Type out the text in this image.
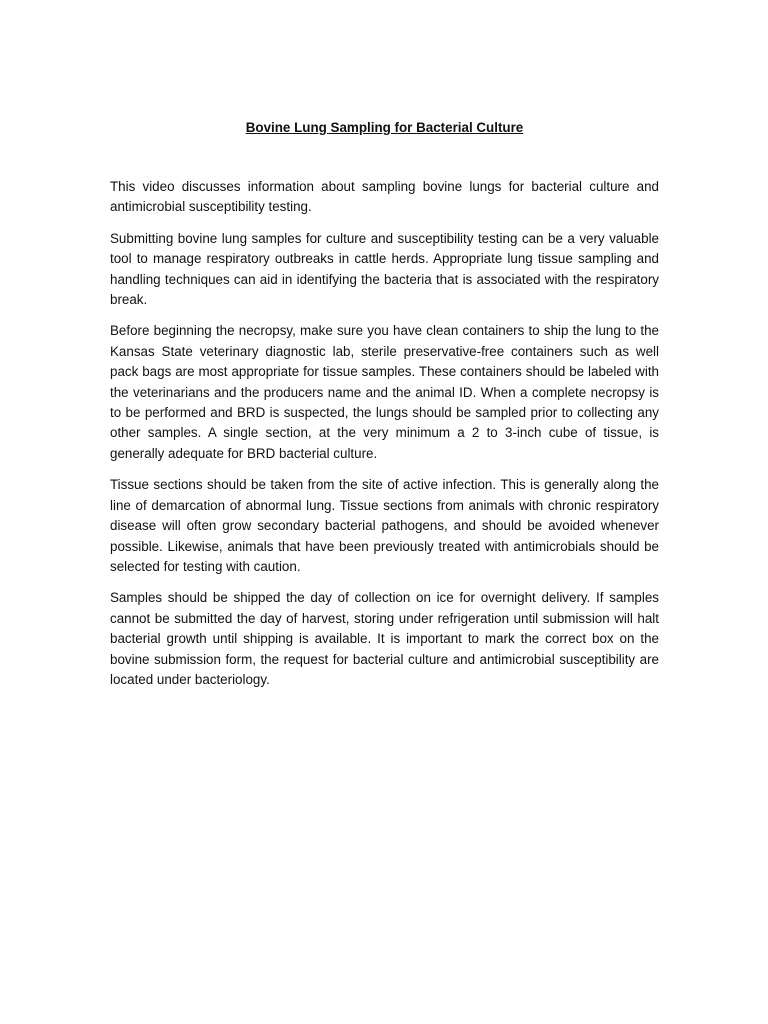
Bovine Lung Sampling for Bacterial Culture

This video discusses information about sampling bovine lungs for bacterial culture and antimicrobial susceptibility testing.

Submitting bovine lung samples for culture and susceptibility testing can be a very valuable tool to manage respiratory outbreaks in cattle herds. Appropriate lung tissue sampling and handling techniques can aid in identifying the bacteria that is associated with the respiratory break.

Before beginning the necropsy, make sure you have clean containers to ship the lung to the Kansas State veterinary diagnostic lab, sterile preservative-free containers such as well pack bags are most appropriate for tissue samples. These containers should be labeled with the veterinarians and the producers name and the animal ID. When a complete necropsy is to be performed and BRD is suspected, the lungs should be sampled prior to collecting any other samples. A single section, at the very minimum a 2 to 3-inch cube of tissue, is generally adequate for BRD bacterial culture.

Tissue sections should be taken from the site of active infection. This is generally along the line of demarcation of abnormal lung. Tissue sections from animals with chronic respiratory disease will often grow secondary bacterial pathogens, and should be avoided whenever possible. Likewise, animals that have been previously treated with antimicrobials should be selected for testing with caution.

Samples should be shipped the day of collection on ice for overnight delivery. If samples cannot be submitted the day of harvest, storing under refrigeration until submission will halt bacterial growth until shipping is available. It is important to mark the correct box on the bovine submission form, the request for bacterial culture and antimicrobial susceptibility are located under bacteriology.
